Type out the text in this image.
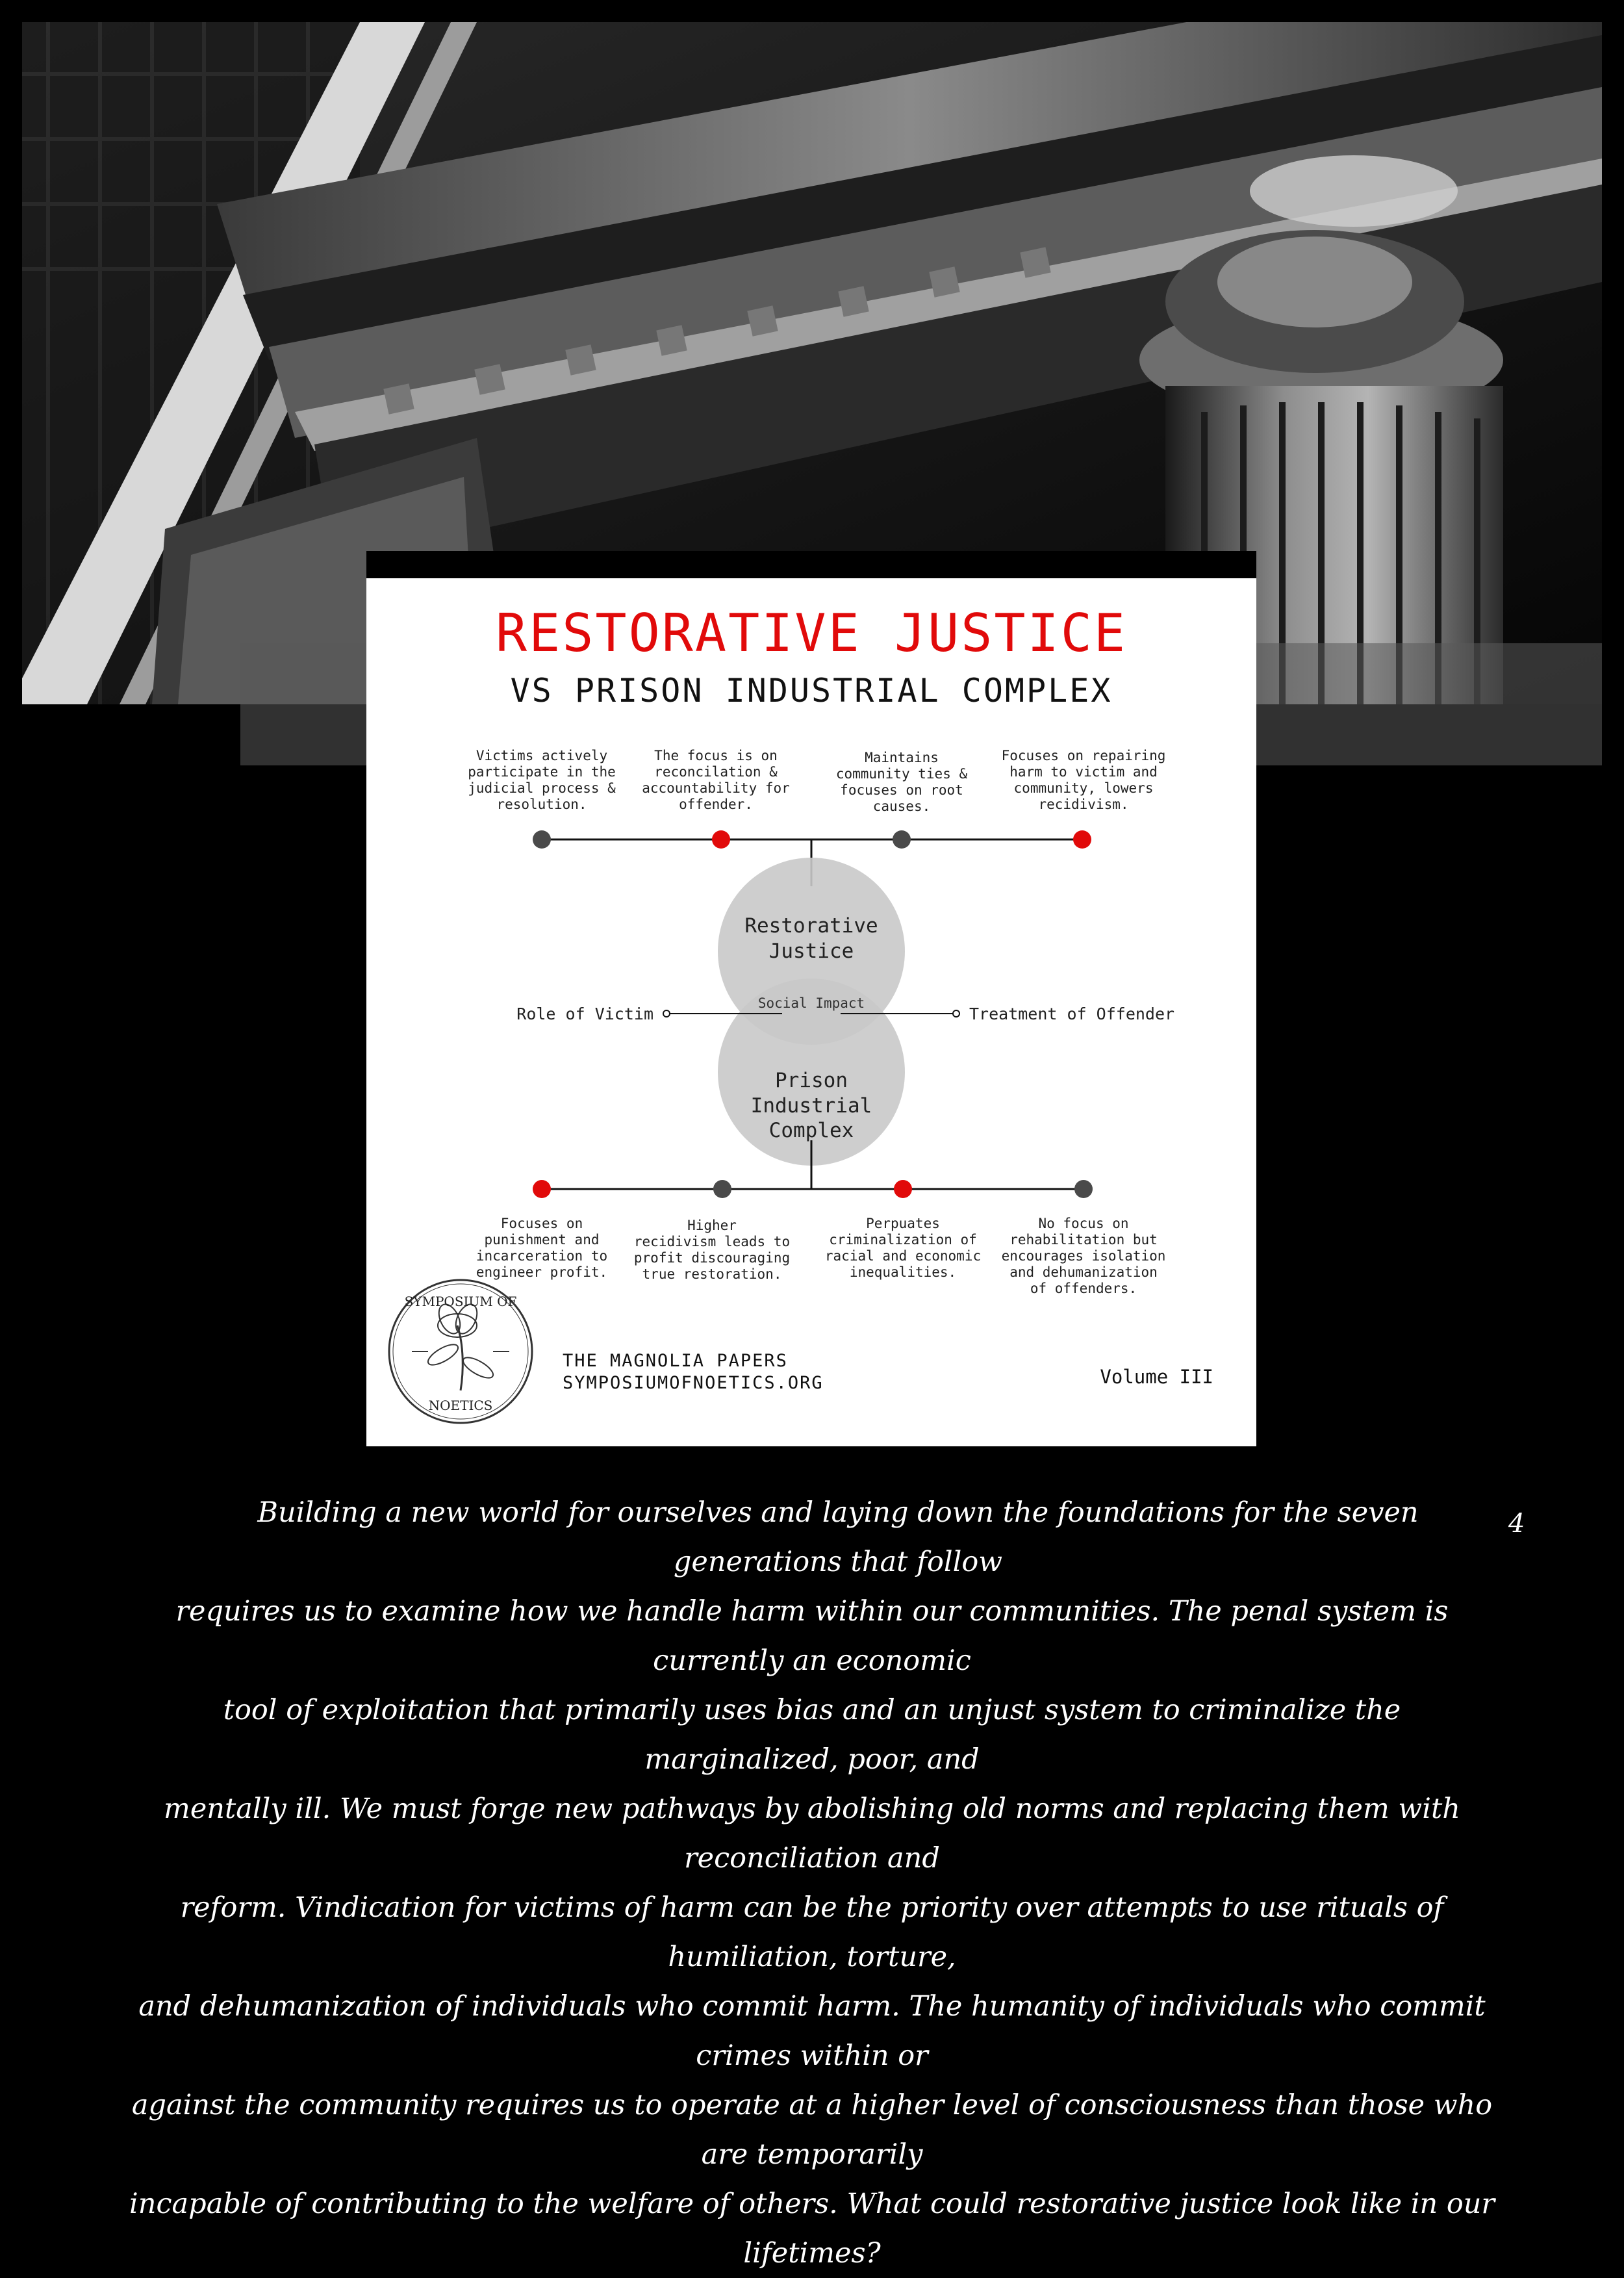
RESTORATIVE JUSTICE
VS PRISON INDUSTRIAL COMPLEX
Victims actively
participate in the
judicial process &
resolution.
The focus is on
reconcilation &
accountability for
offender.
Maintains
community ties &
focuses on root
causes.
Focuses on repairing
harm to victim and
community, lowers
recidivism.
Restorative
Justice
Prison
Industrial
Complex
Social Impact
Role of Victim	Treatment of Offender
Focuses on
punishment and
incarceration to
engineer profit.
Higher
recidivism leads to
profit discouraging
true restoration.
Perpuates
criminalization of
racial and economic
inequalities.
No focus on
rehabilitation but
encourages isolation
and dehumanization
of offenders.
SYMPOSIUM OF
NOETICS
THE MAGNOLIA PAPERS
SYMPOSIUMOFNOETICS.ORG	Volume III
Building a new world for ourselves and laying down the foundations for the seven generations that follow
requires us to examine how we handle harm within our communities. The penal system is currently an economic
tool of exploitation that primarily uses bias and an unjust system to criminalize the marginalized, poor, and
mentally ill. We must forge new pathways by abolishing old norms and replacing them with reconciliation and
reform. Vindication for victims of harm can be the priority over attempts to use rituals of humiliation, torture,
and dehumanization of individuals who commit harm. The humanity of individuals who commit crimes within or
against the community requires us to operate at a higher level of consciousness than those who are temporarily
incapable of contributing to the welfare of others. What could restorative justice look like in our lifetimes?
4
